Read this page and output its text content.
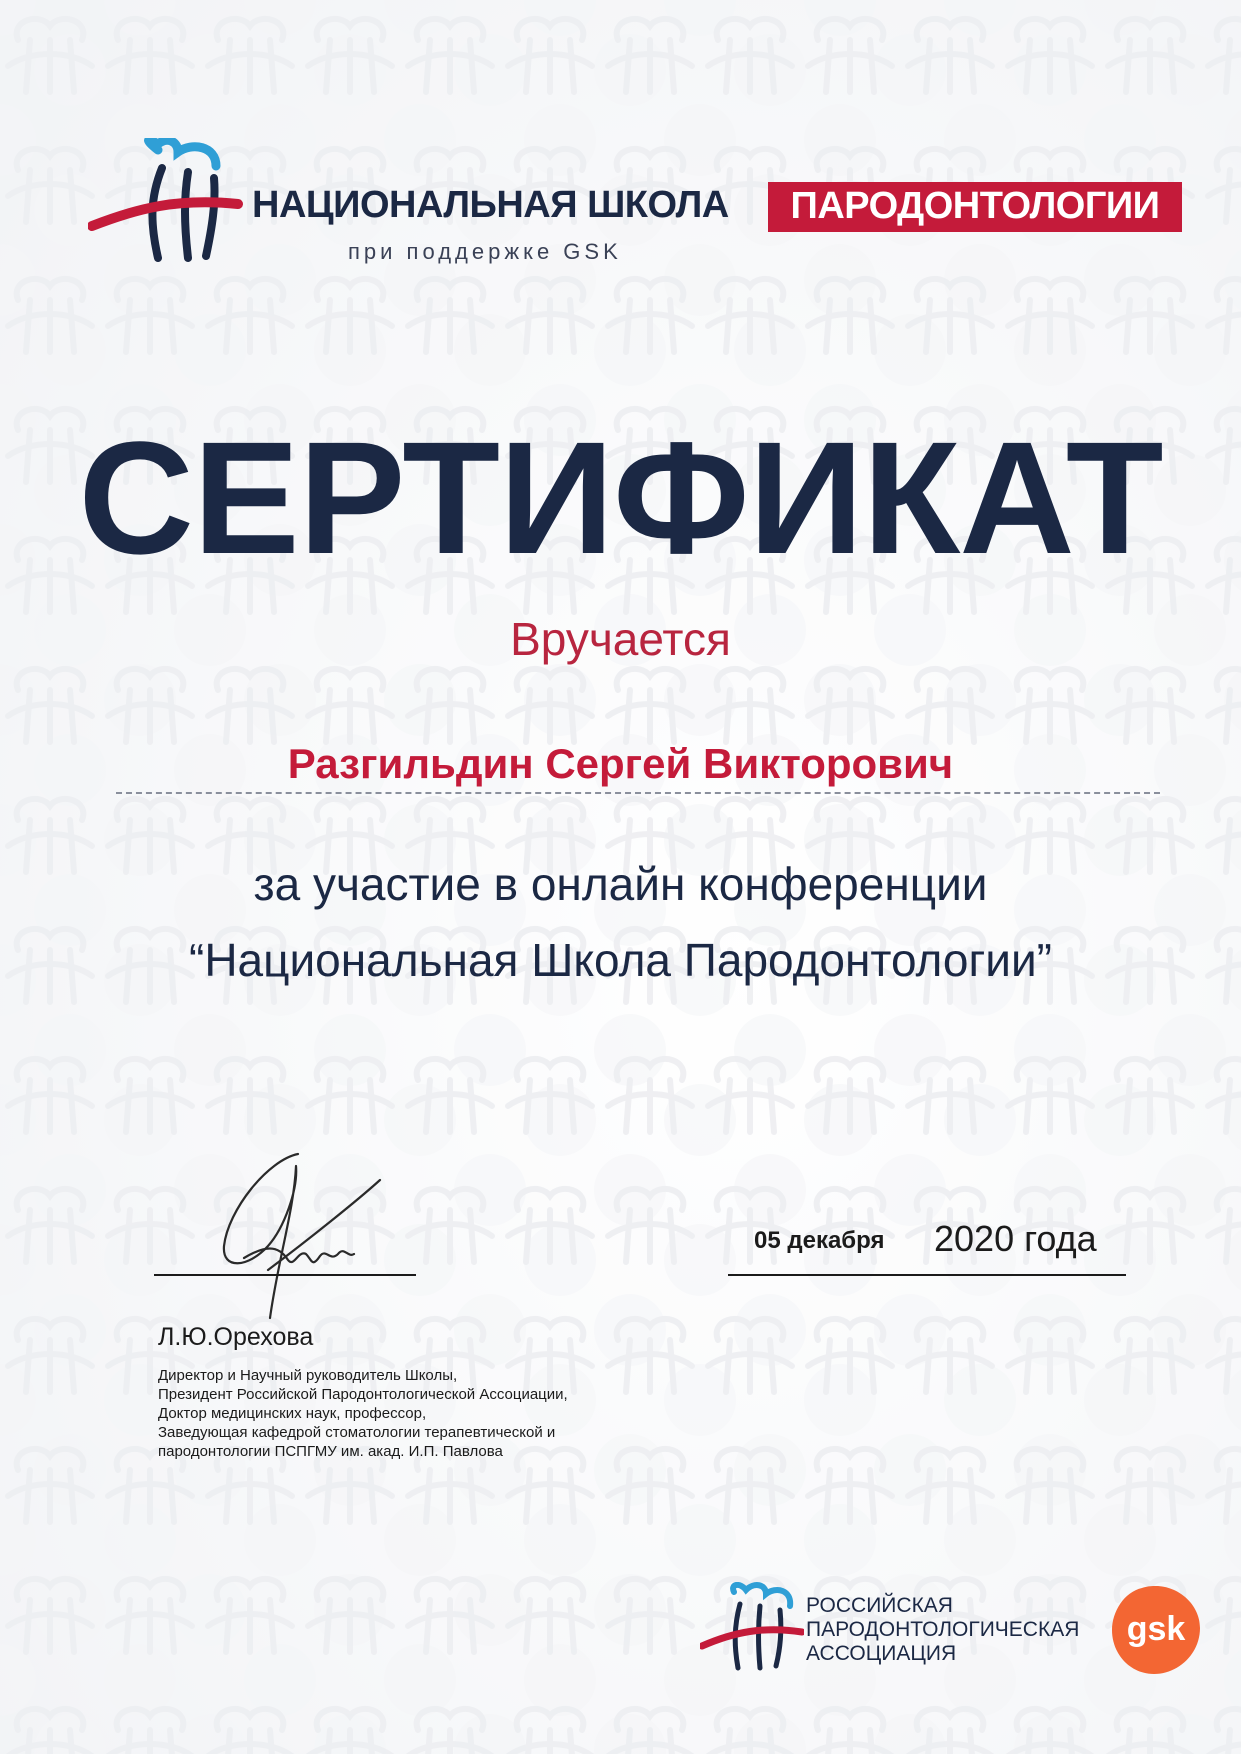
НАЦИОНАЛЬНАЯ ШКОЛА	ПАРОДОНТОЛОГИИ
при поддержке GSK
СЕРТИФИКАТ
Вручается
Разгильдин Сергей Викторович
за участие в онлайн конференции
“Национальная Школа Пародонтологии”
Л.Ю.Орехова
Директор и Научный руководитель Школы,
Президент Российской Пародонтологической Ассоциации,
Доктор медицинских наук, профессор,
Заведующая кафедрой стоматологии терапевтической и
пародонтологии ПСПГМУ им. акад. И.П. Павлова
05 декабря 2020 года
РОССИЙСКАЯ
ПАРОДОНТОЛОГИЧЕСКАЯ
АССОЦИАЦИЯ
gsk
